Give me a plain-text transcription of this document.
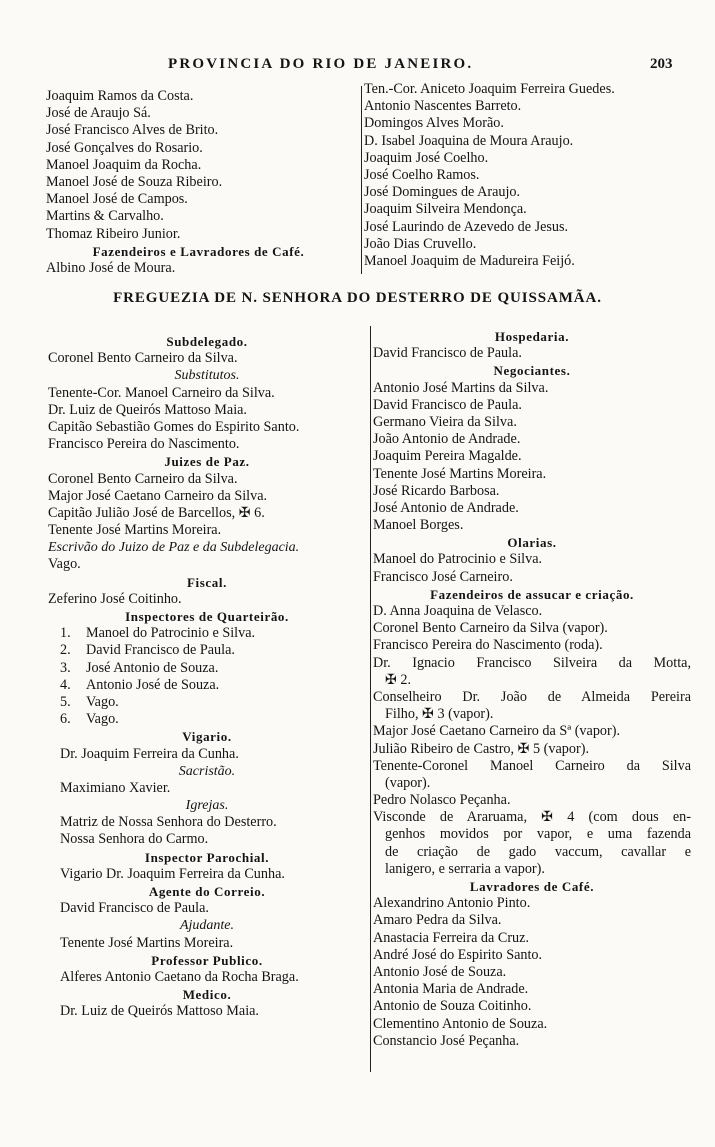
PROVINCIA DO RIO DE JANEIRO.	203
Joaquim Ramos da Costa.
José de Araujo Sá.
José Francisco Alves de Brito.
José Gonçalves do Rosario.
Manoel Joaquim da Rocha.
Manoel José de Souza Ribeiro.
Manoel José de Campos.
Martins & Carvalho.
Thomaz Ribeiro Junior.
Fazendeiros e Lavradores de Café.
Albino José de Moura.
Ten.-Cor. Aniceto Joaquim Ferreira Guedes.
Antonio Nascentes Barreto.
Domingos Alves Morão.
D. Isabel Joaquina de Moura Araujo.
Joaquim José Coelho.
José Coelho Ramos.
José Domingues de Araujo.
Joaquim Silveira Mendonça.
José Laurindo de Azevedo de Jesus.
João Dias Cruvello.
Manoel Joaquim de Madureira Feijó.
FREGUEZIA DE N. SENHORA DO DESTERRO DE QUISSAMÃA.
Subdelegado.
Coronel Bento Carneiro da Silva.
Substitutos.
Tenente-Cor. Manoel Carneiro da Silva.
Dr. Luiz de Queirós Mattoso Maia.
Capitão Sebastião Gomes do Espirito Santo.
Francisco Pereira do Nascimento.
Juizes de Paz.
Coronel Bento Carneiro da Silva.
Major José Caetano Carneiro da Silva.
Capitão Julião José de Barcellos, ✠ 6.
Tenente José Martins Moreira.
Escrivão do Juizo de Paz e da Subdelegacia.
Vago.
Fiscal.
Zeferino José Coitinho.
Inspectores de Quarteirão.
1. Manoel do Patrocinio e Silva.
2. David Francisco de Paula.
3. José Antonio de Souza.
4. Antonio José de Souza.
5. Vago.
6. Vago.
Vigario.
Dr. Joaquim Ferreira da Cunha.
Sacristão.
Maximiano Xavier.
Igrejas.
Matriz de Nossa Senhora do Desterro.
Nossa Senhora do Carmo.
Inspector Parochial.
Vigario Dr. Joaquim Ferreira da Cunha.
Agente do Correio.
David Francisco de Paula.
Ajudante.
Tenente José Martins Moreira.
Professor Publico.
Alferes Antonio Caetano da Rocha Braga.
Medico.
Dr. Luiz de Queirós Mattoso Maia.
Hospedaria.
David Francisco de Paula.
Negociantes.
Antonio José Martins da Silva.
David Francisco de Paula.
Germano Vieira da Silva.
João Antonio de Andrade.
Joaquim Pereira Magalde.
Tenente José Martins Moreira.
José Ricardo Barbosa.
José Antonio de Andrade.
Manoel Borges.
Olarias.
Manoel do Patrocinio e Silva.
Francisco José Carneiro.
Fazendeiros de assucar e criação.
D. Anna Joaquina de Velasco.
Coronel Bento Carneiro da Silva (vapor).
Francisco Pereira do Nascimento (roda).
Dr. Ignacio Francisco Silveira da Motta,
✠ 2.
Conselheiro Dr. João de Almeida Pereira
Filho, ✠ 3 (vapor).
Major José Caetano Carneiro da Sª (vapor).
Julião Ribeiro de Castro, ✠ 5 (vapor).
Tenente-Coronel Manoel Carneiro da Silva
(vapor).
Pedro Nolasco Peçanha.
Visconde de Araruama, ✠ 4 (com dous en-
genhos movidos por vapor, e uma fazenda
de criação de gado vaccum, cavallar e
lanigero, e serraria a vapor).
Lavradores de Café.
Alexandrino Antonio Pinto.
Amaro Pedra da Silva.
Anastacia Ferreira da Cruz.
André José do Espirito Santo.
Antonio José de Souza.
Antonia Maria de Andrade.
Antonio de Souza Coitinho.
Clementino Antonio de Souza.
Constancio José Peçanha.
